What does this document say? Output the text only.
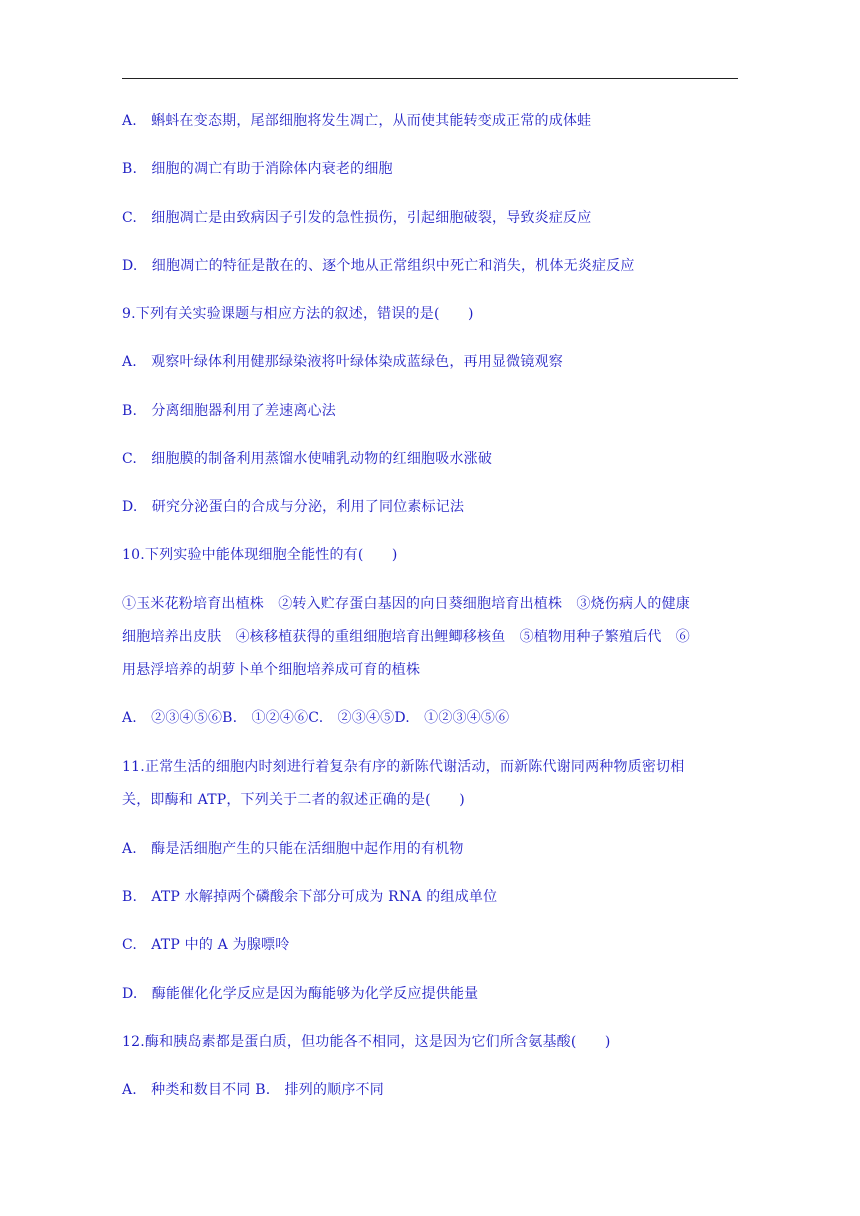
A.　蝌蚪在变态期，尾部细胞将发生凋亡，从而使其能转变成正常的成体蛙
B.　细胞的凋亡有助于消除体内衰老的细胞
C.　细胞凋亡是由致病因子引发的急性损伤，引起细胞破裂，导致炎症反应
D.　细胞凋亡的特征是散在的、逐个地从正常组织中死亡和消失，机体无炎症反应
9.下列有关实验课题与相应方法的叙述，错误的是(　　)
A.　观察叶绿体利用健那绿染液将叶绿体染成蓝绿色，再用显微镜观察
B.　分离细胞器利用了差速离心法
C.　细胞膜的制备利用蒸馏水使哺乳动物的红细胞吸水涨破
D.　研究分泌蛋白的合成与分泌，利用了同位素标记法
10.下列实验中能体现细胞全能性的有(　　)
①玉米花粉培育出植株　②转入贮存蛋白基因的向日葵细胞培育出植株　③烧伤病人的健康
细胞培养出皮肤　④核移植获得的重组细胞培育出鲤鲫移核鱼　⑤植物用种子繁殖后代　⑥
用悬浮培养的胡萝卜单个细胞培养成可育的植株
A.　②③④⑤⑥B.　①②④⑥C.　②③④⑤D.　①②③④⑤⑥
11.正常生活的细胞内时刻进行着复杂有序的新陈代谢活动，而新陈代谢同两种物质密切相
关，即酶和 ATP，下列关于二者的叙述正确的是(　　)
A.　酶是活细胞产生的只能在活细胞中起作用的有机物
B.　ATP 水解掉两个磷酸余下部分可成为 RNA 的组成单位
C.　ATP 中的 A 为腺嘌呤
D.　酶能催化化学反应是因为酶能够为化学反应提供能量
12.酶和胰岛素都是蛋白质，但功能各不相同，这是因为它们所含氨基酸(　　)
A.　种类和数目不同 B.　排列的顺序不同
